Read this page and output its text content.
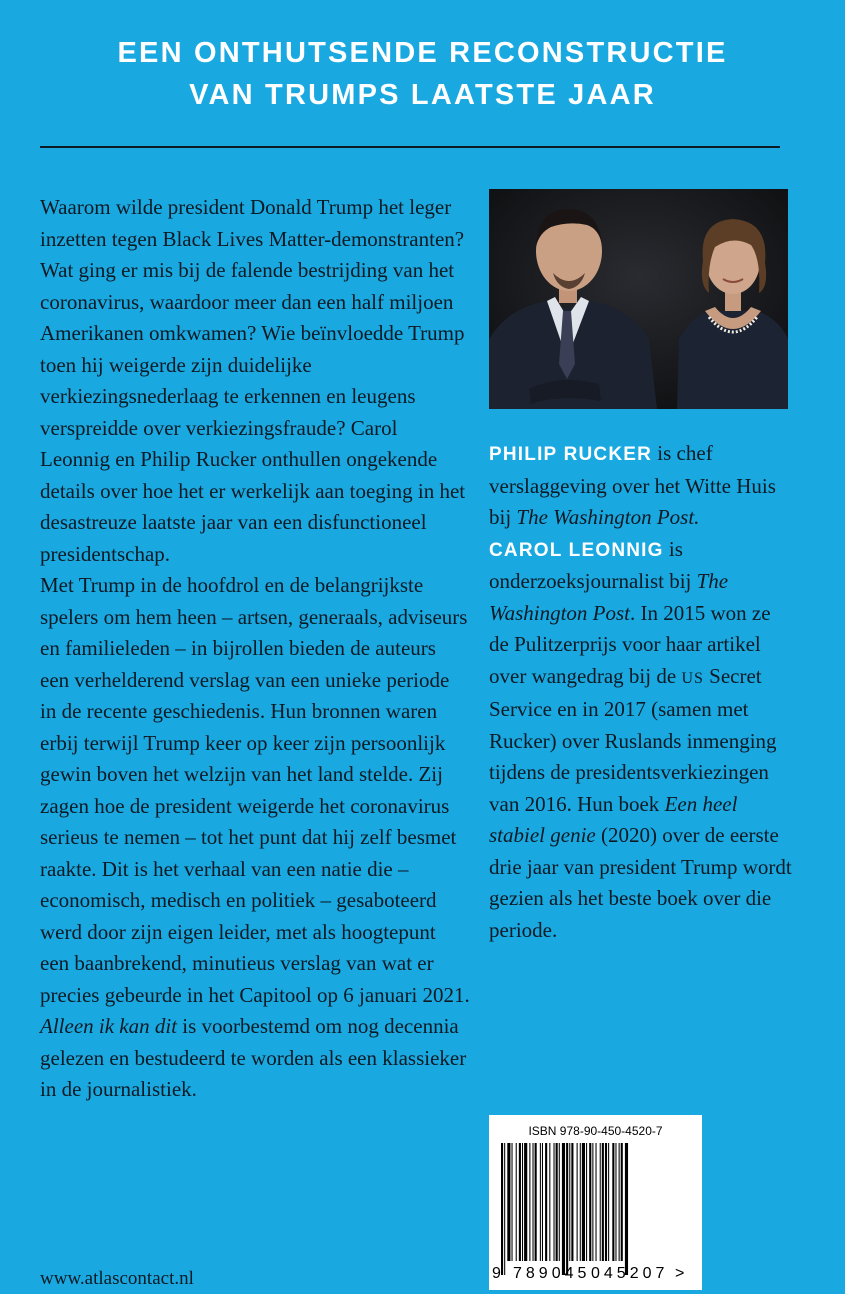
EEN ONTHUTSENDE RECONSTRUCTIE
VAN TRUMPS LAATSTE JAAR

Waarom wilde president Donald Trump het leger inzetten tegen Black Lives Matter-demonstranten? Wat ging er mis bij de falende bestrijding van het coronavirus, waardoor meer dan een half miljoen Amerikanen omkwamen? Wie beïnvloedde Trump toen hij weigerde zijn duidelijke verkiezingsnederlaag te erkennen en leugens verspreidde over verkiezingsfraude? Carol Leonnig en Philip Rucker onthullen ongekende details over hoe het er werkelijk aan toeging in het desastreuze laatste jaar van een disfunctioneel presidentschap.

Met Trump in de hoofdrol en de belangrijkste spelers om hem heen – artsen, generaals, adviseurs en familieleden – in bijrollen bieden de auteurs een verhelderend verslag van een unieke periode in de recente geschiedenis. Hun bronnen waren erbij terwijl Trump keer op keer zijn persoonlijk gewin boven het welzijn van het land stelde. Zij zagen hoe de president weigerde het coronavirus serieus te nemen – tot het punt dat hij zelf besmet raakte. Dit is het verhaal van een natie die – economisch, medisch en politiek – gesaboteerd werd door zijn eigen leider, met als hoogtepunt een baanbrekend, minutieus verslag van wat er precies gebeurde in het Capitool op 6 januari 2021. Alleen ik kan dit is voorbestemd om nog decennia gelezen en bestudeerd te worden als een klassieker in de journalistiek.

PHILIP RUCKER is chef verslaggeving over het Witte Huis bij The Washington Post.
CAROL LEONNIG is onderzoeksjournalist bij The Washington Post. In 2015 won ze de Pulitzerprijs voor haar artikel over wangedrag bij de US Secret Service en in 2017 (samen met Rucker) over Ruslands inmenging tijdens de presidentsverkiezingen van 2016. Hun boek Een heel stabiel genie (2020) over de eerste drie jaar van president Trump wordt gezien als het beste boek over die periode.

www.atlascontact.nl
ISBN 978-90-450-4520-7
9 789045 045207 >
